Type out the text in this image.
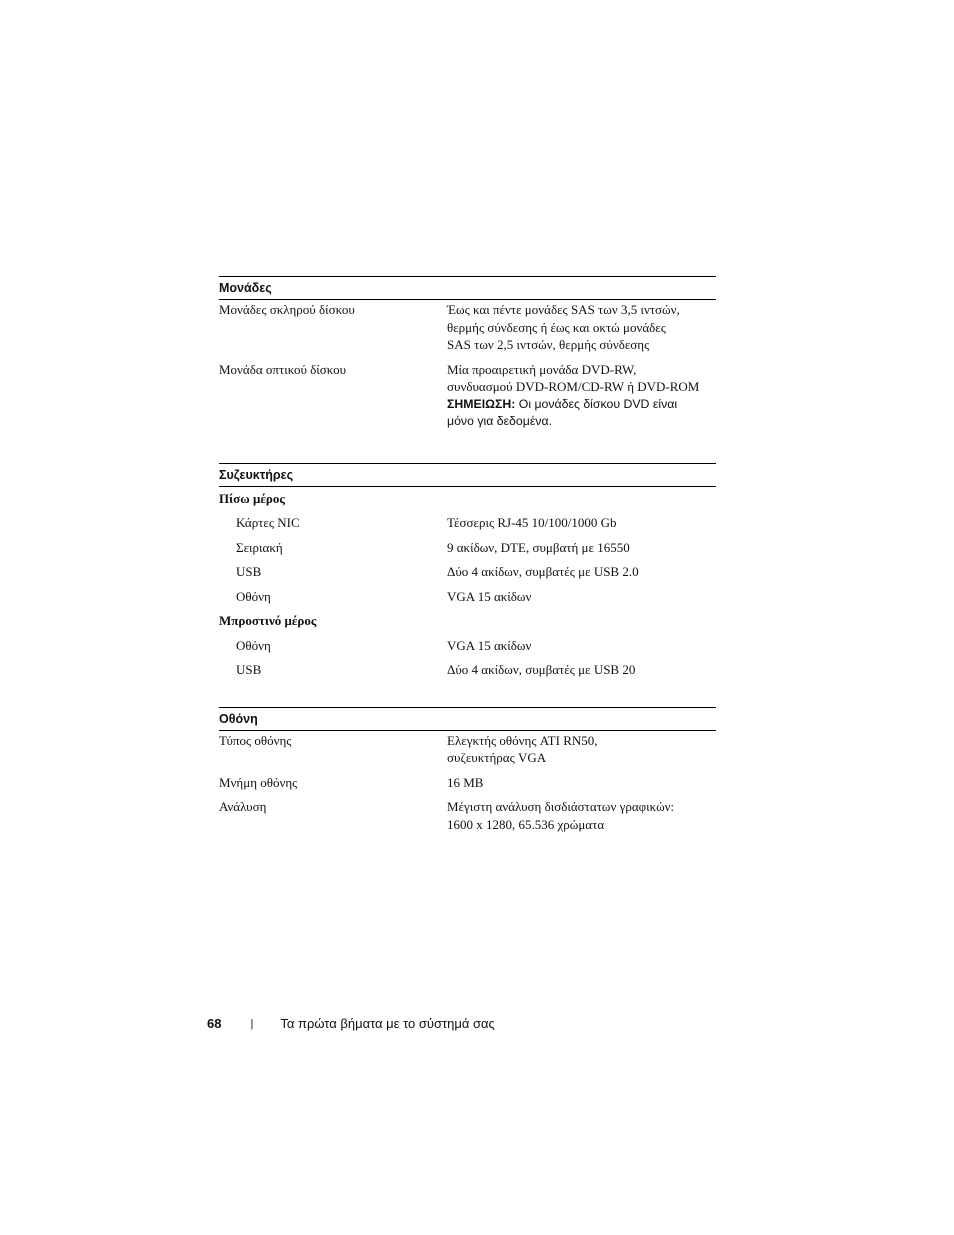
Μονάδες
Μονάδες σκληρού δίσκου	Έως και πέντε μονάδες SAS των 3,5 ιντσών,
θερμής σύνδεσης ή έως και οκτώ μονάδες
SAS των 2,5 ιντσών, θερμής σύνδεσης
Μονάδα οπτικού δίσκου	Μία προαιρετική μονάδα DVD-RW,
συνδυασμού DVD-ROM/CD-RW ή DVD-ROM
ΣΗΜΕΙΩΣΗ: Οι μονάδες δίσκου DVD είναι
μόνο για δεδομένα.
Συζευκτήρες
Πίσω μέρος
Κάρτες NIC	Τέσσερις RJ-45 10/100/1000 Gb
Σειριακή	9 ακίδων, DTE, συμβατή με 16550
USB	Δύο 4 ακίδων, συμβατές με USB 2.0
Οθόνη	VGA 15 ακίδων
Μπροστινό μέρος
Οθόνη	VGA 15 ακίδων
USB	Δύο 4 ακίδων, συμβατές με USB 20
Οθόνη
Τύπος οθόνης	Ελεγκτής οθόνης ATI RN50,
συζευκτήρας VGA
Μνήμη οθόνης	16 MB
Ανάλυση	Μέγιστη ανάλυση δισδιάστατων γραφικών:
1600 x 1280, 65.536 χρώματα
68	| Τα πρώτα βήματα με το σύστημά σας
